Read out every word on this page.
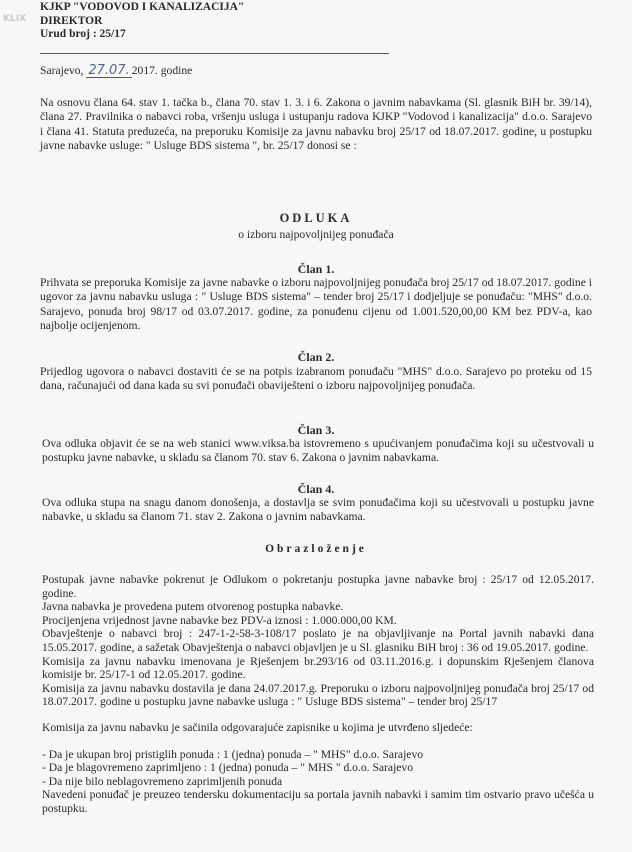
KLIX
KJKP "VODOVOD I KANALIZACIJA"
DIREKTOR
Urud broj : 25/17
Sarajevo, 27.07. 2017. godine

Na osnovu člana 64. stav 1. tačka b., člana 70. stav 1. 3. i 6. Zakona o javnim nabavkama (Sl. glasnik BiH br. 39/14), člana 27. Pravilnika o nabavci roba, vršenju usluga i ustupanju radova KJKP "Vodovod i kanalizacija" d.o.o. Sarajevo i člana 41. Statuta preduzeća, na preporuku Komisije za javnu nabavku broj 25/17 od 18.07.2017. godine, u postupku javne nabavke usluge: " Usluge BDS sistema ", br. 25/17 donosi se :

ODLUKA
o izboru najpovoljnijeg ponuđača
Član 1.

Prihvata se preporuka Komisije za javne nabavke o izboru najpovoljnijeg ponuđača broj 25/17 od 18.07.2017. godine i ugovor za javnu nabavku usluga : " Usluge BDS sistema" – tender broj 25/17 i dodjeljuje se ponuđaču: "MHS" d.o.o. Sarajevo, ponuda broj 98/17 od 03.07.2017. godine, za ponuđenu cijenu od 1.001.520,00,00 KM bez PDV-a, kao najbolje ocijenjenom.

Član 2.

Prijedlog ugovora o nabavci dostaviti će se na potpis izabranom ponuđaču "MHS" d.o.o. Sarajevo po proteku od 15 dana, računajući od dana kada su svi ponuđači obaviješteni o izboru najpovoljnijeg ponuđača.

Član 3.

Ova odluka objavit će se na web stanici www.viksa.ba istovremeno s upućivanjem ponuđačima koji su učestvovali u postupku javne nabavke, u skladu sa članom 70. stav 6. Zakona o javnim nabavkama.

Član 4.

Ova odluka stupa na snagu danom donošenja, a dostavlja se svim ponuđačima koji su učestvovali u postupku javne nabavke, u skladu sa članom 71. stav 2. Zakona o javnim nabavkama.

Obrazloženje

Postupak javne nabavke pokrenut je Odlukom o pokretanju postupka javne nabavke broj : 25/17 od 12.05.2017. godine.

Javna nabavka je provedena putem otvorenog postupka nabavke.

Procijenjena vrijednost javne nabavke bez PDV-a iznosi : 1.000.000,00 KM.

Obavještenje o nabavci broj : 247-1-2-58-3-108/17 poslato je na objavljivanje na Portal javnih nabavki dana 15.05.2017. godine, a sažetak Obavještenja o nabavci objavljen je u Sl. glasniku BiH broj : 36 od 19.05.2017. godine.

Komisija za javnu nabavku imenovana je Rješenjem br.293/16 od 03.11.2016.g. i dopunskim Rješenjem članova komisije br. 25/17-1 od 12.05.2017. godine.

Komisija za javnu nabavku dostavila je dana 24.07.2017.g. Preporuku o izboru najpovoljnijeg ponuđača broj 25/17 od 18.07.2017. godine u postupku javne nabavke usluga : " Usluge BDS sistema" – tender broj 25/17

Komisija za javnu nabavku je sačinila odgovarajuće zapisnike u kojima je utvrđeno sljedeće:

- Da je ukupan broj pristiglih ponuda : 1 (jedna) ponuda – " MHS" d.o.o. Sarajevo

- Da je blagovremeno zaprimljeno : 1 (jedna) ponuda – " MHS " d.o.o. Sarajevo

- Da nije bilo neblagovremeno zaprimljenih ponuda

Navedeni ponuđač je preuzeo tendersku dokumentaciju sa portala javnih nabavki i samim tim ostvario pravo učešća u postupku.
